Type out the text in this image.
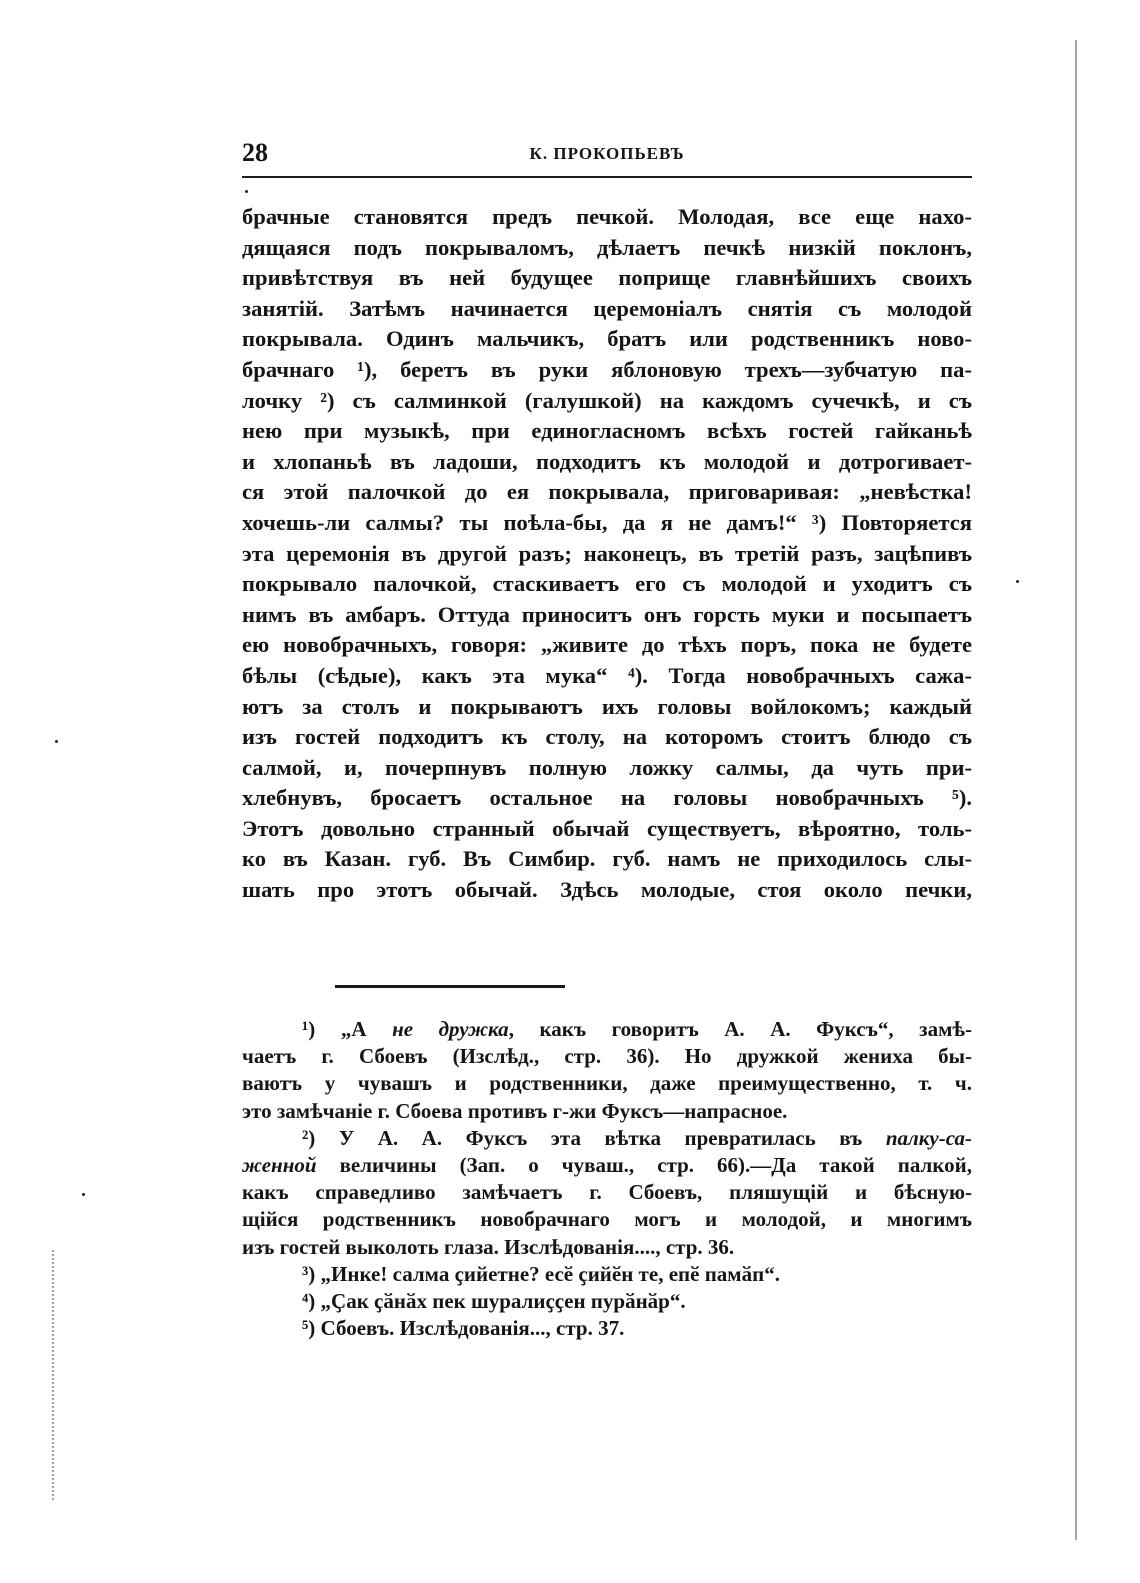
28	К. ПРОКОПЬЕВЪ
брачные становятся предъ печкой. Молодая, все еще нахо-
дящаяся подъ покрываломъ, дѣлаетъ печкѣ низкій поклонъ,
привѣтствуя въ ней будущее поприще главнѣйшихъ своихъ
занятій. Затѣмъ начинается церемоніалъ снятія съ молодой
покрывала. Одинъ мальчикъ, братъ или родственникъ ново-
брачнаго ¹), беретъ въ руки яблоновую трехъ—зубчатую па-
лочку ²) съ салминкой (галушкой) на каждомъ сучечкѣ, и съ
нею при музыкѣ, при единогласномъ всѣхъ гостей гайканьѣ
и хлопаньѣ въ ладоши, подходитъ къ молодой и дотрогивает-
ся этой палочкой до ея покрывала, приговаривая: „невѣстка!
хочешь-ли салмы? ты поѣла-бы, да я не дамъ!“ ³) Повторяется
эта церемонія въ другой разъ; наконецъ, въ третій разъ, зацѣпивъ
покрывало палочкой, стаскиваетъ его съ молодой и уходитъ съ
нимъ въ амбаръ. Оттуда приноситъ онъ горсть муки и посыпаетъ
ею новобрачныхъ, говоря: „живите до тѣхъ поръ, пока не будете
бѣлы (сѣдые), какъ эта мука“ ⁴). Тогда новобрачныхъ сажа-
ютъ за столъ и покрываютъ ихъ головы войлокомъ; каждый
изъ гостей подходитъ къ столу, на которомъ стоитъ блюдо съ
салмой, и, почерпнувъ полную ложку салмы, да чуть при-
хлебнувъ, бросаетъ остальное на головы новобрачныхъ ⁵).
Этотъ довольно странный обычай существуетъ, вѣроятно, толь-
ко въ Казан. губ. Въ Симбир. губ. намъ не приходилось слы-
шать про этотъ обычай. Здѣсь молодые, стоя около печки,
¹) „А не дружка, какъ говоритъ А. А. Фуксъ“, замѣ-
чаетъ г. Сбоевъ (Изслѣд., стр. 36). Но дружкой жениха бы-
ваютъ у чувашъ и родственники, даже преимущественно, т. ч.
это замѣчаніе г. Сбоева противъ г-жи Фуксъ—напрасное.
²) У А. А. Фуксъ эта вѣтка превратилась въ палку-са-
женной величины (Зап. о чуваш., стр. 66).—Да такой палкой,
какъ справедливо замѣчаетъ г. Сбоевъ, пляшущій и бѣсную-
щійся родственникъ новобрачнаго могъ и молодой, и многимъ
изъ гостей выколоть глаза. Изслѣдованія...., стр. 36.
³) „Инке! салма ҫийетне? есӗ ҫийӗн те, епӗ памӑп“.
⁴) „Ҫак ҫӑнӑх пек шуралиҫҫен пурӑнӑр“.
⁵) Сбоевъ. Изслѣдованія..., стр. 37.
